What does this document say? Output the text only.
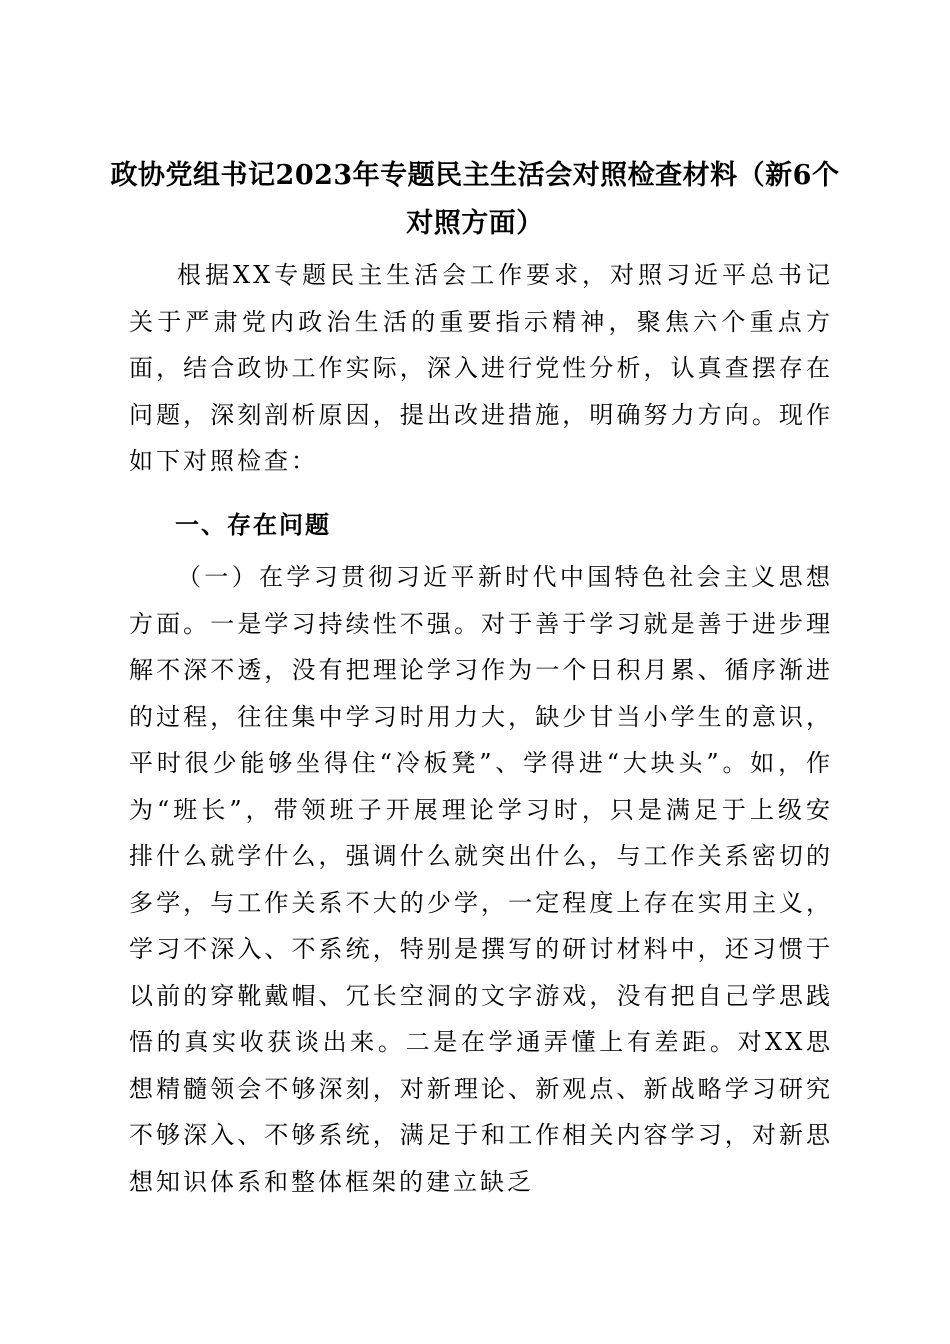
政协党组书记2023年专题民主生活会对照检查材料（新6个对照方面）
根据XX专题民主生活会工作要求，对照习近平总书记关于严肃党内政治生活的重要指示精神，聚焦六个重点方面，结合政协工作实际，深入进行党性分析，认真查摆存在问题，深刻剖析原因，提出改进措施，明确努力方向。现作如下对照检查：
一、存在问题
（一）在学习贯彻习近平新时代中国特色社会主义思想方面。一是学习持续性不强。对于善于学习就是善于进步理解不深不透，没有把理论学习作为一个日积月累、循序渐进的过程，往往集中学习时用力大，缺少甘当小学生的意识，平时很少能够坐得住“冷板凳”、学得进“大块头”。如，作为“班长”，带领班子开展理论学习时，只是满足于上级安排什么就学什么，强调什么就突出什么，与工作关系密切的多学，与工作关系不大的少学，一定程度上存在实用主义，学习不深入、不系统，特别是撰写的研讨材料中，还习惯于以前的穿靴戴帽、冗长空洞的文字游戏，没有把自己学思践悟的真实收获谈出来。二是在学通弄懂上有差距。对XX思想精髓领会不够深刻，对新理论、新观点、新战略学习研究不够深入、不够系统，满足于和工作相关内容学习，对新思想知识体系和整体框架的建立缺乏
